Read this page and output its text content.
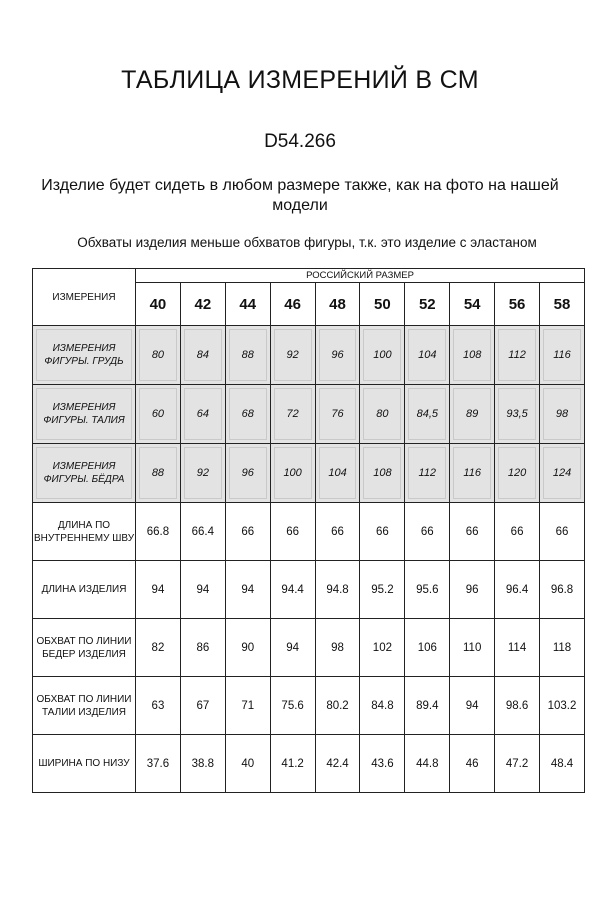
ТАБЛИЦА ИЗМЕРЕНИЙ В СМ
D54.266
Изделие будет сидеть в любом размере также, как на фото на нашей модели
Обхваты изделия меньше обхватов фигуры, т.к. это изделие с эластаном
ИЗМЕРЕНИЯ	РОССИЙСКИЙ РАЗМЕР									
	40	42	44	46	48	50	52	54	56	58

ИЗМЕРЕНИЯ ФИГУРЫ. ГРУДЬ	80	84	88	92	96	100	104	108	112	116

ИЗМЕРЕНИЯ ФИГУРЫ. ТАЛИЯ	60	64	68	72	76	80	84,5	89	93,5	98

ИЗМЕРЕНИЯ ФИГУРЫ. БЁДРА	88	92	96	100	104	108	112	116	120	124

ДЛИНА ПО ВНУТРЕННЕМУ ШВУ	66.8	66.4	66	66	66	66	66	66	66	66

ДЛИНА ИЗДЕЛИЯ	94	94	94	94.4	94.8	95.2	95.6	96	96.4	96.8

ОБХВАТ ПО ЛИНИИ БЕДЕР ИЗДЕЛИЯ	82	86	90	94	98	102	106	110	114	118

ОБХВАТ ПО ЛИНИИ ТАЛИИ ИЗДЕЛИЯ	63	67	71	75.6	80.2	84.8	89.4	94	98.6	103.2

ШИРИНА ПО НИЗУ	37.6	38.8	40	41.2	42.4	43.6	44.8	46	47.2	48.4
